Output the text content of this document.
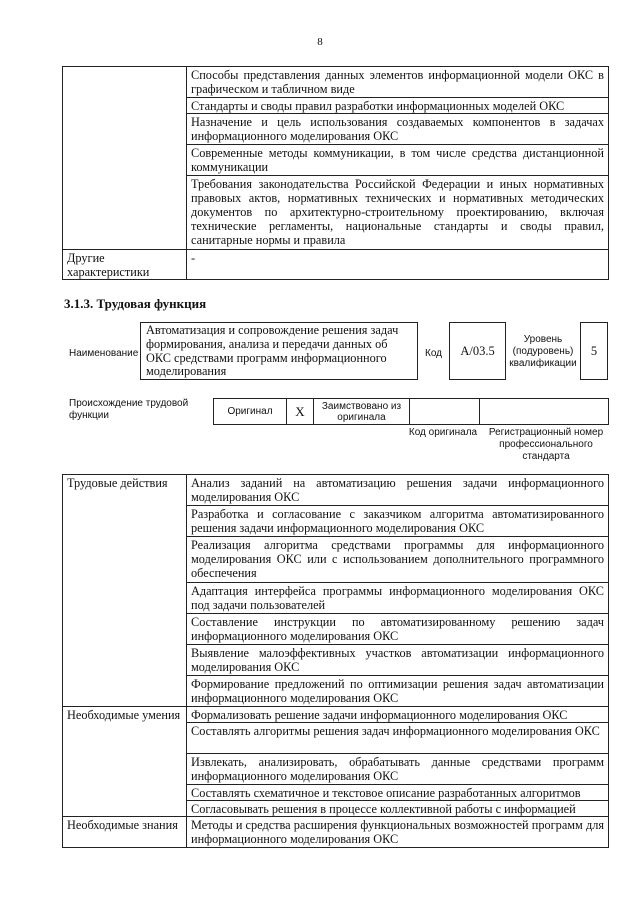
8
	Способы представления данных элементов информационной модели ОКС в графическом и табличном виде
	Стандарты и своды правил разработки информационных моделей ОКС
	Назначение и цель использования создаваемых компонентов в задачах информационного моделирования ОКС
	Современные методы коммуникации, в том числе средства дистанционной коммуникации
	Требования законодательства Российской Федерации и иных нормативных правовых актов, нормативных технических и нормативных методических документов по архитектурно-строительному проектированию, включая технические регламенты, национальные стандарты и своды правил, санитарные нормы и правила
Другие характеристики	-
3.1.3. Трудовая функция
Наименование
Автоматизация и сопровождение решения задач формирования, анализа и передачи данных об ОКС средствами программ информационного моделирования
Код	A/03.5
Уровень (подуровень) квалификации
5
Происхождение трудовой функции	Оригинал	X	Заимствовано из оригинала		
Код оригинала	Регистрационный номер профессионального стандарта
Трудовые действия	Анализ заданий на автоматизацию решения задачи информационного моделирования ОКС
	Разработка и согласование с заказчиком алгоритма автоматизированного решения задачи информационного моделирования ОКС
	Реализация алгоритма средствами программы для информационного моделирования ОКС или с использованием дополнительного программного обеспечения
	Адаптация интерфейса программы информационного моделирования ОКС под задачи пользователей
	Составление инструкции по автоматизированному решению задач информационного моделирования ОКС
	Выявление малоэффективных участков автоматизации информационного моделирования ОКС
	Формирование предложений по оптимизации решения задач автоматизации информационного моделирования ОКС
Необходимые умения	Формализовать решение задачи информационного моделирования ОКС
	Составлять алгоритмы решения задач информационного моделирования ОКС
	Извлекать, анализировать, обрабатывать данные средствами программ информационного моделирования ОКС
	Составлять схематичное и текстовое описание разработанных алгоритмов
	Согласовывать решения в процессе коллективной работы с информацией
Необходимые знания	Методы и средства расширения функциональных возможностей программ для информационного моделирования ОКС
